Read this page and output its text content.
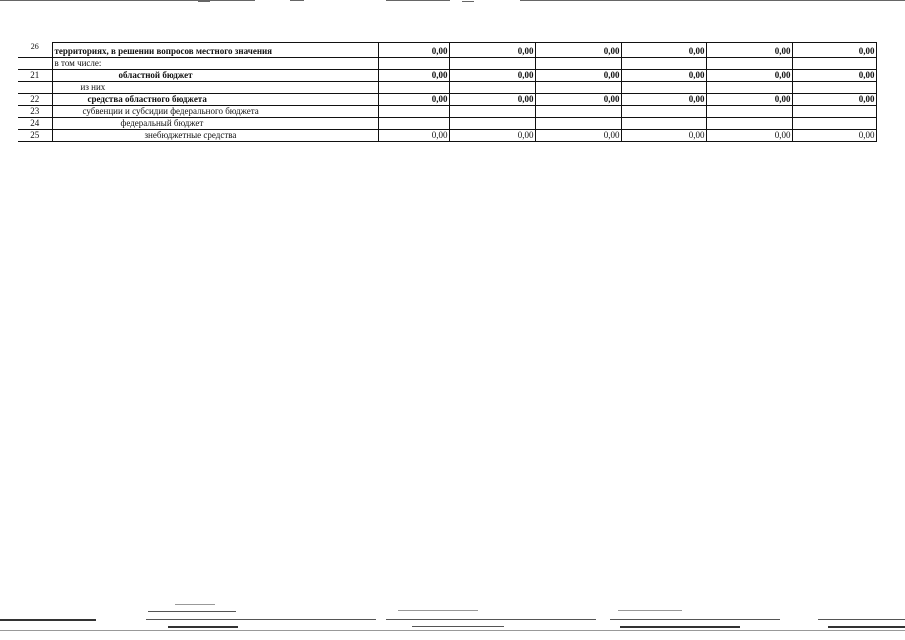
26	территориях, в решении вопросов местного значения	0,00	0,00	0,00	0,00	0,00	0,00
	в том числе:						
21	областной бюджет	0,00	0,00	0,00	0,00	0,00	0,00
	из них						
22	средства областного бюджета	0,00	0,00	0,00	0,00	0,00	0,00
23	субвенции и субсидии федерального бюджета						
24	федеральный бюджет						
25	знебюджетные средства	0,00	0,00	0,00	0,00	0,00	0,00
